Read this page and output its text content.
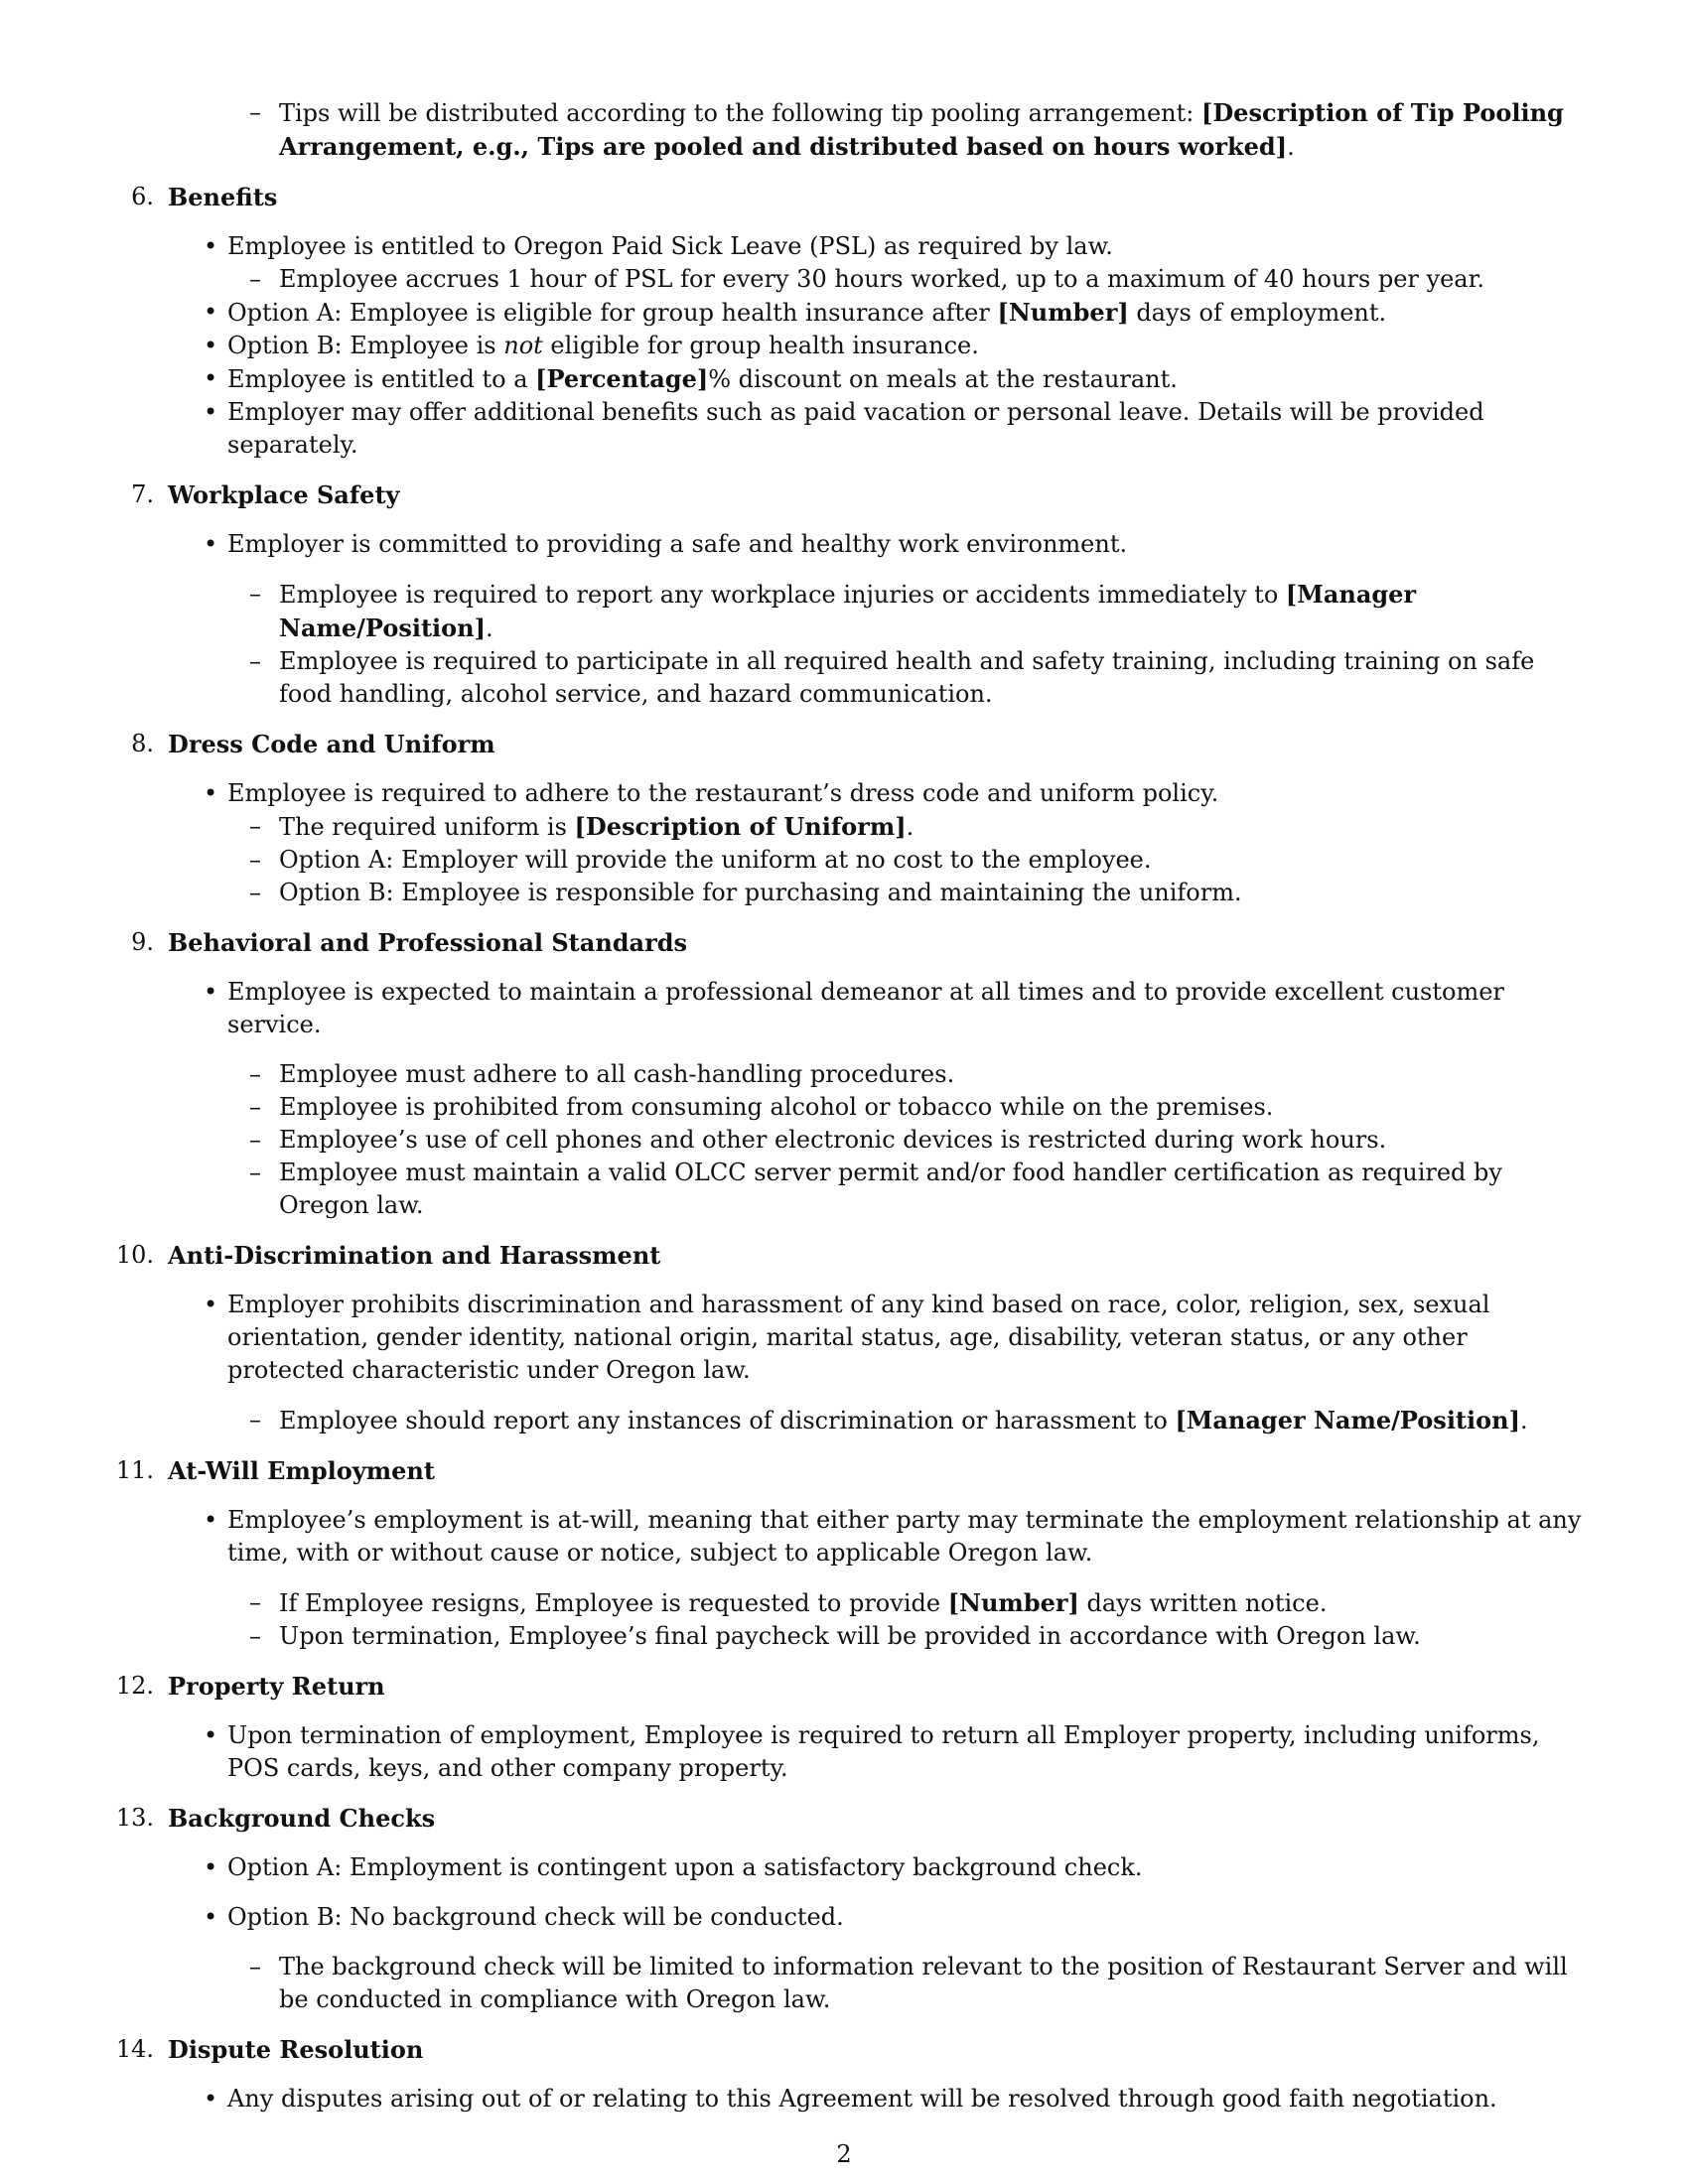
– Tips will be distributed according to the following tip pooling arrangement: [Description of Tip Pooling Arrangement, e.g., Tips are pooled and distributed based on hours worked].
6. Benefits
• Employee is entitled to Oregon Paid Sick Leave (PSL) as required by law.
– Employee accrues 1 hour of PSL for every 30 hours worked, up to a maximum of 40 hours per year.
• Option A: Employee is eligible for group health insurance after [Number] days of employment.
• Option B: Employee is not eligible for group health insurance.
• Employee is entitled to a [Percentage]% discount on meals at the restaurant.
• Employer may offer additional benefits such as paid vacation or personal leave. Details will be provided separately.
7. Workplace Safety
• Employer is committed to providing a safe and healthy work environment.
– Employee is required to report any workplace injuries or accidents immediately to [Manager Name/Position].
– Employee is required to participate in all required health and safety training, including training on safe food handling, alcohol service, and hazard communication.
8. Dress Code and Uniform
• Employee is required to adhere to the restaurant’s dress code and uniform policy.
– The required uniform is [Description of Uniform].
– Option A: Employer will provide the uniform at no cost to the employee.
– Option B: Employee is responsible for purchasing and maintaining the uniform.
9. Behavioral and Professional Standards
• Employee is expected to maintain a professional demeanor at all times and to provide excellent customer service.
– Employee must adhere to all cash-handling procedures.
– Employee is prohibited from consuming alcohol or tobacco while on the premises.
– Employee’s use of cell phones and other electronic devices is restricted during work hours.
– Employee must maintain a valid OLCC server permit and/or food handler certification as required by Oregon law.
10. Anti-Discrimination and Harassment
• Employer prohibits discrimination and harassment of any kind based on race, color, religion, sex, sexual orientation, gender identity, national origin, marital status, age, disability, veteran status, or any other protected characteristic under Oregon law.
– Employee should report any instances of discrimination or harassment to [Manager Name/Position].
11. At-Will Employment
• Employee’s employment is at-will, meaning that either party may terminate the employment relationship at any time, with or without cause or notice, subject to applicable Oregon law.
– If Employee resigns, Employee is requested to provide [Number] days written notice.
– Upon termination, Employee’s final paycheck will be provided in accordance with Oregon law.
12. Property Return
• Upon termination of employment, Employee is required to return all Employer property, including uniforms, POS cards, keys, and other company property.
13. Background Checks
• Option A: Employment is contingent upon a satisfactory background check.
• Option B: No background check will be conducted.
– The background check will be limited to information relevant to the position of Restaurant Server and will be conducted in compliance with Oregon law.
14. Dispute Resolution
• Any disputes arising out of or relating to this Agreement will be resolved through good faith negotiation.
2
